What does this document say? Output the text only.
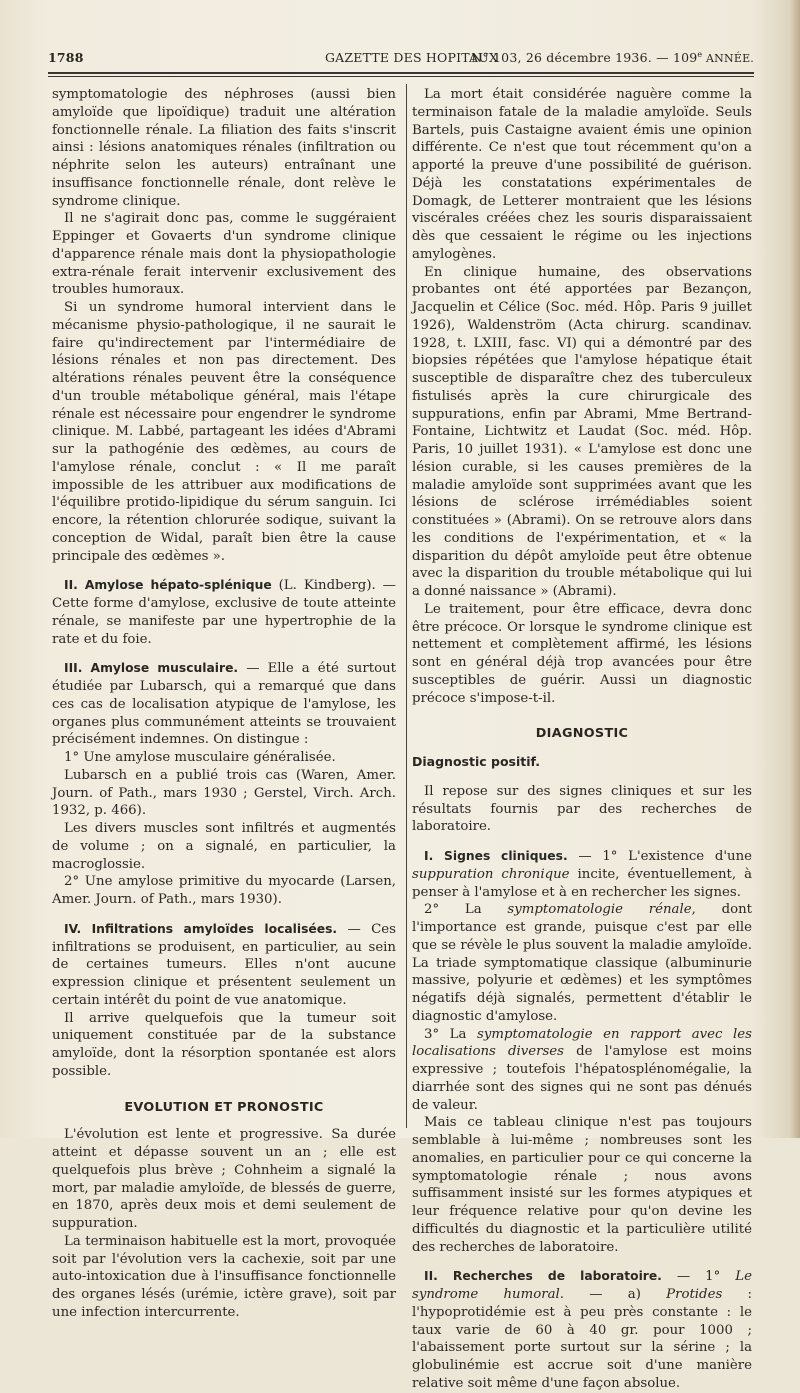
1788	GAZETTE DES HOPITAUX
N° 103, 26 décembre 1936. — 109e ANNÉE.

symptomatologie des néphroses (aussi bien amyloïde que lipoïdique) traduit une altération fonctionnelle rénale. La filiation des faits s'inscrit ainsi : lésions anatomiques rénales (infiltration ou néphrite selon les auteurs) entraînant une insuffisance fonctionnelle rénale, dont relève le syndrome clinique.

Il ne s'agirait donc pas, comme le suggéraient Eppinger et Govaerts d'un syndrome clinique d'apparence rénale mais dont la physiopathologie extra-rénale ferait intervenir exclusivement des troubles humoraux.

Si un syndrome humoral intervient dans le mécanisme physio-pathologique, il ne saurait le faire qu'indirectement par l'intermédiaire de lésions rénales et non pas directement. Des altérations rénales peuvent être la conséquence d'un trouble métabolique général, mais l'étape rénale est nécessaire pour engendrer le syndrome clinique. M. Labbé, partageant les idées d'Abrami sur la pathogénie des œdèmes, au cours de l'amylose rénale, conclut : « Il me paraît impossible de les attribuer aux modifications de l'équilibre protido-lipidique du sérum sanguin. Ici encore, la rétention chlorurée sodique, suivant la conception de Widal, paraît bien être la cause principale des œdèmes ».

II. Amylose hépato-splénique (L. Kindberg). — Cette forme d'amylose, exclusive de toute atteinte rénale, se manifeste par une hypertrophie de la rate et du foie.

III. Amylose musculaire. — Elle a été surtout étudiée par Lubarsch, qui a remarqué que dans ces cas de localisation atypique de l'amylose, les organes plus communément atteints se trouvaient précisément indemnes. On distingue :

1° Une amylose musculaire généralisée.

Lubarsch en a publié trois cas (Waren, Amer. Journ. of Path., mars 1930 ; Gerstel, Virch. Arch. 1932, p. 466).

Les divers muscles sont infiltrés et augmentés de volume ; on a signalé, en particulier, la macroglossie.

2° Une amylose primitive du myocarde (Larsen, Amer. Journ. of Path., mars 1930).

IV. Infiltrations amyloïdes localisées. — Ces infiltrations se produisent, en particulier, au sein de certaines tumeurs. Elles n'ont aucune expression clinique et présentent seulement un certain intérêt du point de vue anatomique.

Il arrive quelquefois que la tumeur soit uniquement constituée par de la substance amyloïde, dont la résorption spontanée est alors possible.

EVOLUTION ET PRONOSTIC

L'évolution est lente et progressive. Sa durée atteint et dépasse souvent un an ; elle est quelquefois plus brève ; Cohnheim a signalé la mort, par maladie amyloïde, de blessés de guerre, en 1870, après deux mois et demi seulement de suppuration.

La terminaison habituelle est la mort, provoquée soit par l'évolution vers la cachexie, soit par une auto-intoxication due à l'insuffisance fonctionnelle des organes lésés (urémie, ictère grave), soit par une infection intercurrente.

La mort était considérée naguère comme la terminaison fatale de la maladie amyloïde. Seuls Bartels, puis Castaigne avaient émis une opinion différente. Ce n'est que tout récemment qu'on a apporté la preuve d'une possibilité de guérison. Déjà les constatations expérimentales de Domagk, de Letterer montraient que les lésions viscérales créées chez les souris disparaissaient dès que cessaient le régime ou les injections amylogènes.

En clinique humaine, des observations probantes ont été apportées par Bezançon, Jacquelin et Célice (Soc. méd. Hôp. Paris 9 juillet 1926), Waldenström (Acta chirurg. scandinav. 1928, t. LXIII, fasc. VI) qui a démontré par des biopsies répétées que l'amylose hépatique était susceptible de disparaître chez des tuberculeux fistulisés après la cure chirurgicale des suppurations, enfin par Abrami, Mme Bertrand-Fontaine, Lichtwitz et Laudat (Soc. méd. Hôp. Paris, 10 juillet 1931). « L'amylose est donc une lésion curable, si les causes premières de la maladie amyloïde sont supprimées avant que les lésions de sclérose irrémédiables soient constituées » (Abrami). On se retrouve alors dans les conditions de l'expérimentation, et « la disparition du dépôt amyloïde peut être obtenue avec la disparition du trouble métabolique qui lui a donné naissance » (Abrami).

Le traitement, pour être efficace, devra donc être précoce. Or lorsque le syndrome clinique est nettement et complètement affirmé, les lésions sont en général déjà trop avancées pour être susceptibles de guérir. Aussi un diagnostic précoce s'impose-t-il.

DIAGNOSTIC
Diagnostic positif.

Il repose sur des signes cliniques et sur les résultats fournis par des recherches de laboratoire.

I. Signes cliniques. — 1° L'existence d'une suppuration chronique incite, éventuellement, à penser à l'amylose et à en rechercher les signes.

2° La symptomatologie rénale, dont l'importance est grande, puisque c'est par elle que se révèle le plus souvent la maladie amyloïde. La triade symptomatique classique (albuminurie massive, polyurie et œdèmes) et les symptômes négatifs déjà signalés, permettent d'établir le diagnostic d'amylose.

3° La symptomatologie en rapport avec les localisations diverses de l'amylose est moins expressive ; toutefois l'hépatosplénomégalie, la diarrhée sont des signes qui ne sont pas dénués de valeur.

Mais ce tableau clinique n'est pas toujours semblable à lui-même ; nombreuses sont les anomalies, en particulier pour ce qui concerne la symptomatologie rénale ; nous avons suffisamment insisté sur les formes atypiques et leur fréquence relative pour qu'on devine les difficultés du diagnostic et la particulière utilité des recherches de laboratoire.

II. Recherches de laboratoire. — 1° Le syndrome humoral. — a) Protides : l'hypoprotidémie est à peu près constante : le taux varie de 60 à 40 gr. pour 1000 ; l'abaissement porte surtout sur la sérine ; la globulinémie est accrue soit d'une manière relative soit même d'une façon absolue.
